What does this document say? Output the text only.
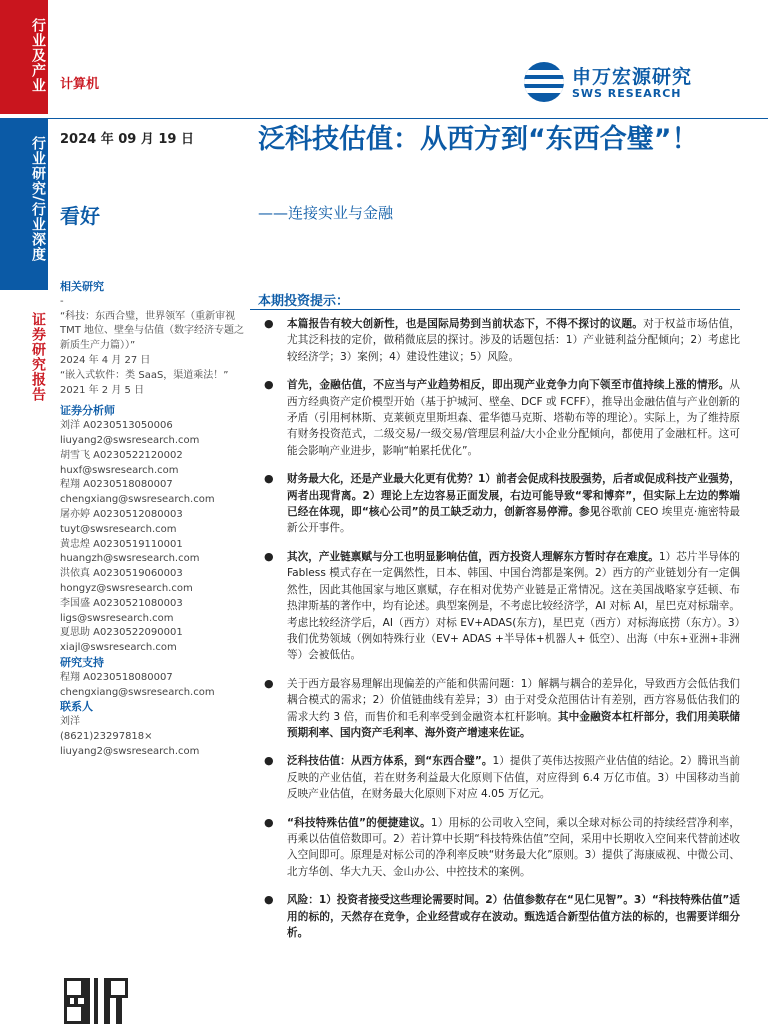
行业及产业
行业研究/行业深度
证券研究报告
计算机	申万宏源研究
SWS RESEARCH
2024 年 09 月 19 日
看好
泛科技估值：从西方到“东西合璧”！
——连接实业与金融
相关研究
-
“科技：东西合璧，世界领军（重新审视 TMT 地位、壁垒与估值（数字经济专题之新质生产力篇））”
2024 年 4 月 27 日
“嵌入式软件：类 SaaS，渠道乘法！”
2021 年 2 月 5 日
证券分析师
刘洋 A0230513050006
liuyang2@swsresearch.com
胡雪飞 A0230522120002
huxf@swsresearch.com
程翔 A0230518080007
chengxiang@swsresearch.com
屠亦婷 A0230512080003
tuyt@swsresearch.com
黄忠煌 A0230519110001
huangzh@swsresearch.com
洪依真 A0230519060003
hongyz@swsresearch.com
李国盛 A0230521080003
ligs@swsresearch.com
夏思助 A0230522090001
xiajl@swsresearch.com
研究支持
程翔 A0230518080007
chengxiang@swsresearch.com
联系人
刘洋
(8621)23297818×
liuyang2@swsresearch.com
本期投资提示：
● 本篇报告有较大创新性，也是国际局势到当前状态下，不得不探讨的议题。对于权益市场估值，尤其泛科技的定价，做稍微底层的探讨。涉及的话题包括：1）产业链利益分配倾向；2）考虑比较经济学；3）案例；4）建设性建议；5）风险。
● 首先，金融估值，不应当与产业趋势相反，即出现产业竞争力向下领至市值持续上涨的情形。从西方经典资产定价模型开始（基于护城河、壁垒、DCF 或 FCFF），推导出金融估值与产业创新的矛盾（引用柯林斯、克莱顿克里斯坦森、霍华德马克斯、塔勒布等的理论）。实际上，为了维持原有财务投资范式，二级交易/一级交易/管理层利益/大小企业分配倾向，都使用了金融杠杆。这可能会影响产业进步，影响“帕累托优化”。
● 财务最大化，还是产业最大化更有优势？1）前者会促成科技股强势，后者或促成科技产业强势，两者出现背离。2）理论上左边容易正面发展，右边可能导致“零和博弈”，但实际上左边的弊端已经在体现，即“核心公司”的员工缺乏动力，创新容易停滞。参见谷歌前 CEO 埃里克·施密特最新公开事件。
● 其次，产业链禀赋与分工也明显影响估值，西方投资人理解东方暂时存在难度。1）芯片半导体的 Fabless 模式存在一定偶然性，日本、韩国、中国台湾都是案例。2）西方的产业链划分有一定偶然性，因此其他国家与地区禀赋，存在相对优势产业链是正常情况。这在美国战略家亨廷顿、布热津斯基的著作中，均有论述。典型案例是，不考虑比较经济学，AI 对标 AI，星巴克对标瑞幸。考虑比较经济学后，AI（西方）对标 EV+ADAS(东方)，星巴克（西方）对标海底捞（东方）。3）我们优势领域（例如特殊行业（EV+ ADAS +半导体+机器人+ 低空）、出海（中东+亚洲+非洲等）会被低估。
● 关于西方最容易理解出现偏差的产能和供需问题：1）解耦与耦合的差异化，导致西方会低估我们耦合模式的需求；2）价值链曲线有差异；3）由于对受众范围估计有差别，西方容易低估我们的需求大约 3 倍，而售价和毛利率受到金融资本杠杆影响。其中金融资本杠杆部分，我们用美联储预期利率、国内资产毛利率、海外资产增速来佐证。
● 泛科技估值：从西方体系，到“东西合璧”。1）提供了英伟达按照产业估值的结论。2）腾讯当前反映的产业估值，若在财务利益最大化原则下估值，对应得到 6.4 万亿市值。3）中国移动当前反映产业估值，在财务最大化原则下对应 4.05 万亿元。
● “科技特殊估值”的便捷建议。1）用标的公司收入空间，乘以全球对标公司的持续经营净利率，再乘以估值倍数即可。2）若计算中长期“科技特殊估值”空间，采用中长期收入空间来代替前述收入空间即可。原理是对标公司的净利率反映“财务最大化”原则。3）提供了海康威视、中微公司、北方华创、华大九天、金山办公、中控技术的案例。
● 风险：1）投资者接受这些理论需要时间。2）估值参数存在“见仁见智”。3）“科技特殊估值”适用的标的，天然存在竞争，企业经营或存在波动。甄选适合新型估值方法的标的，也需要详细分析。
